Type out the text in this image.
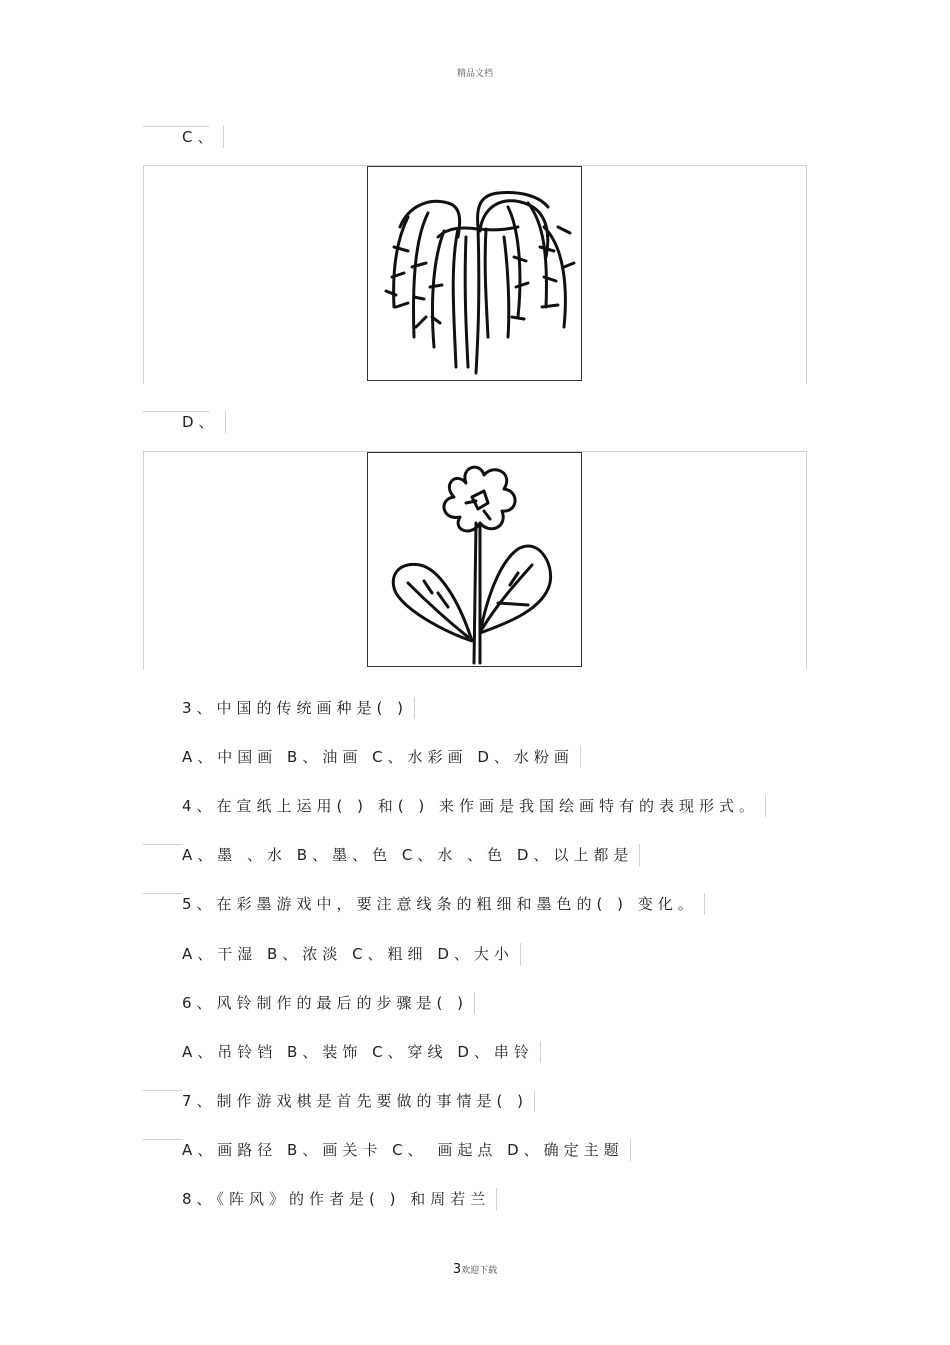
精品文档
C、
D、
3、中国的传统画种是( )
A、中国画 B、油画 C、水彩画 D、水粉画
4、在宣纸上运用( ) 和( ) 来作画是我国绘画特有的表现形式。
A、墨 、水 B、墨、色 C、水 、色 D、以上都是
5、在彩墨游戏中，要注意线条的粗细和墨色的( ) 变化。
A、干湿 B、浓淡 C、粗细 D、大小
6、风铃制作的最后的步骤是( )
A、吊铃铛 B、装饰 C、穿线 D、串铃
7、制作游戏棋是首先要做的事情是( )
A、画路径 B、画关卡 C、 画起点 D、确定主题
8、《阵风》的作者是( ) 和周若兰
3欢迎下载
